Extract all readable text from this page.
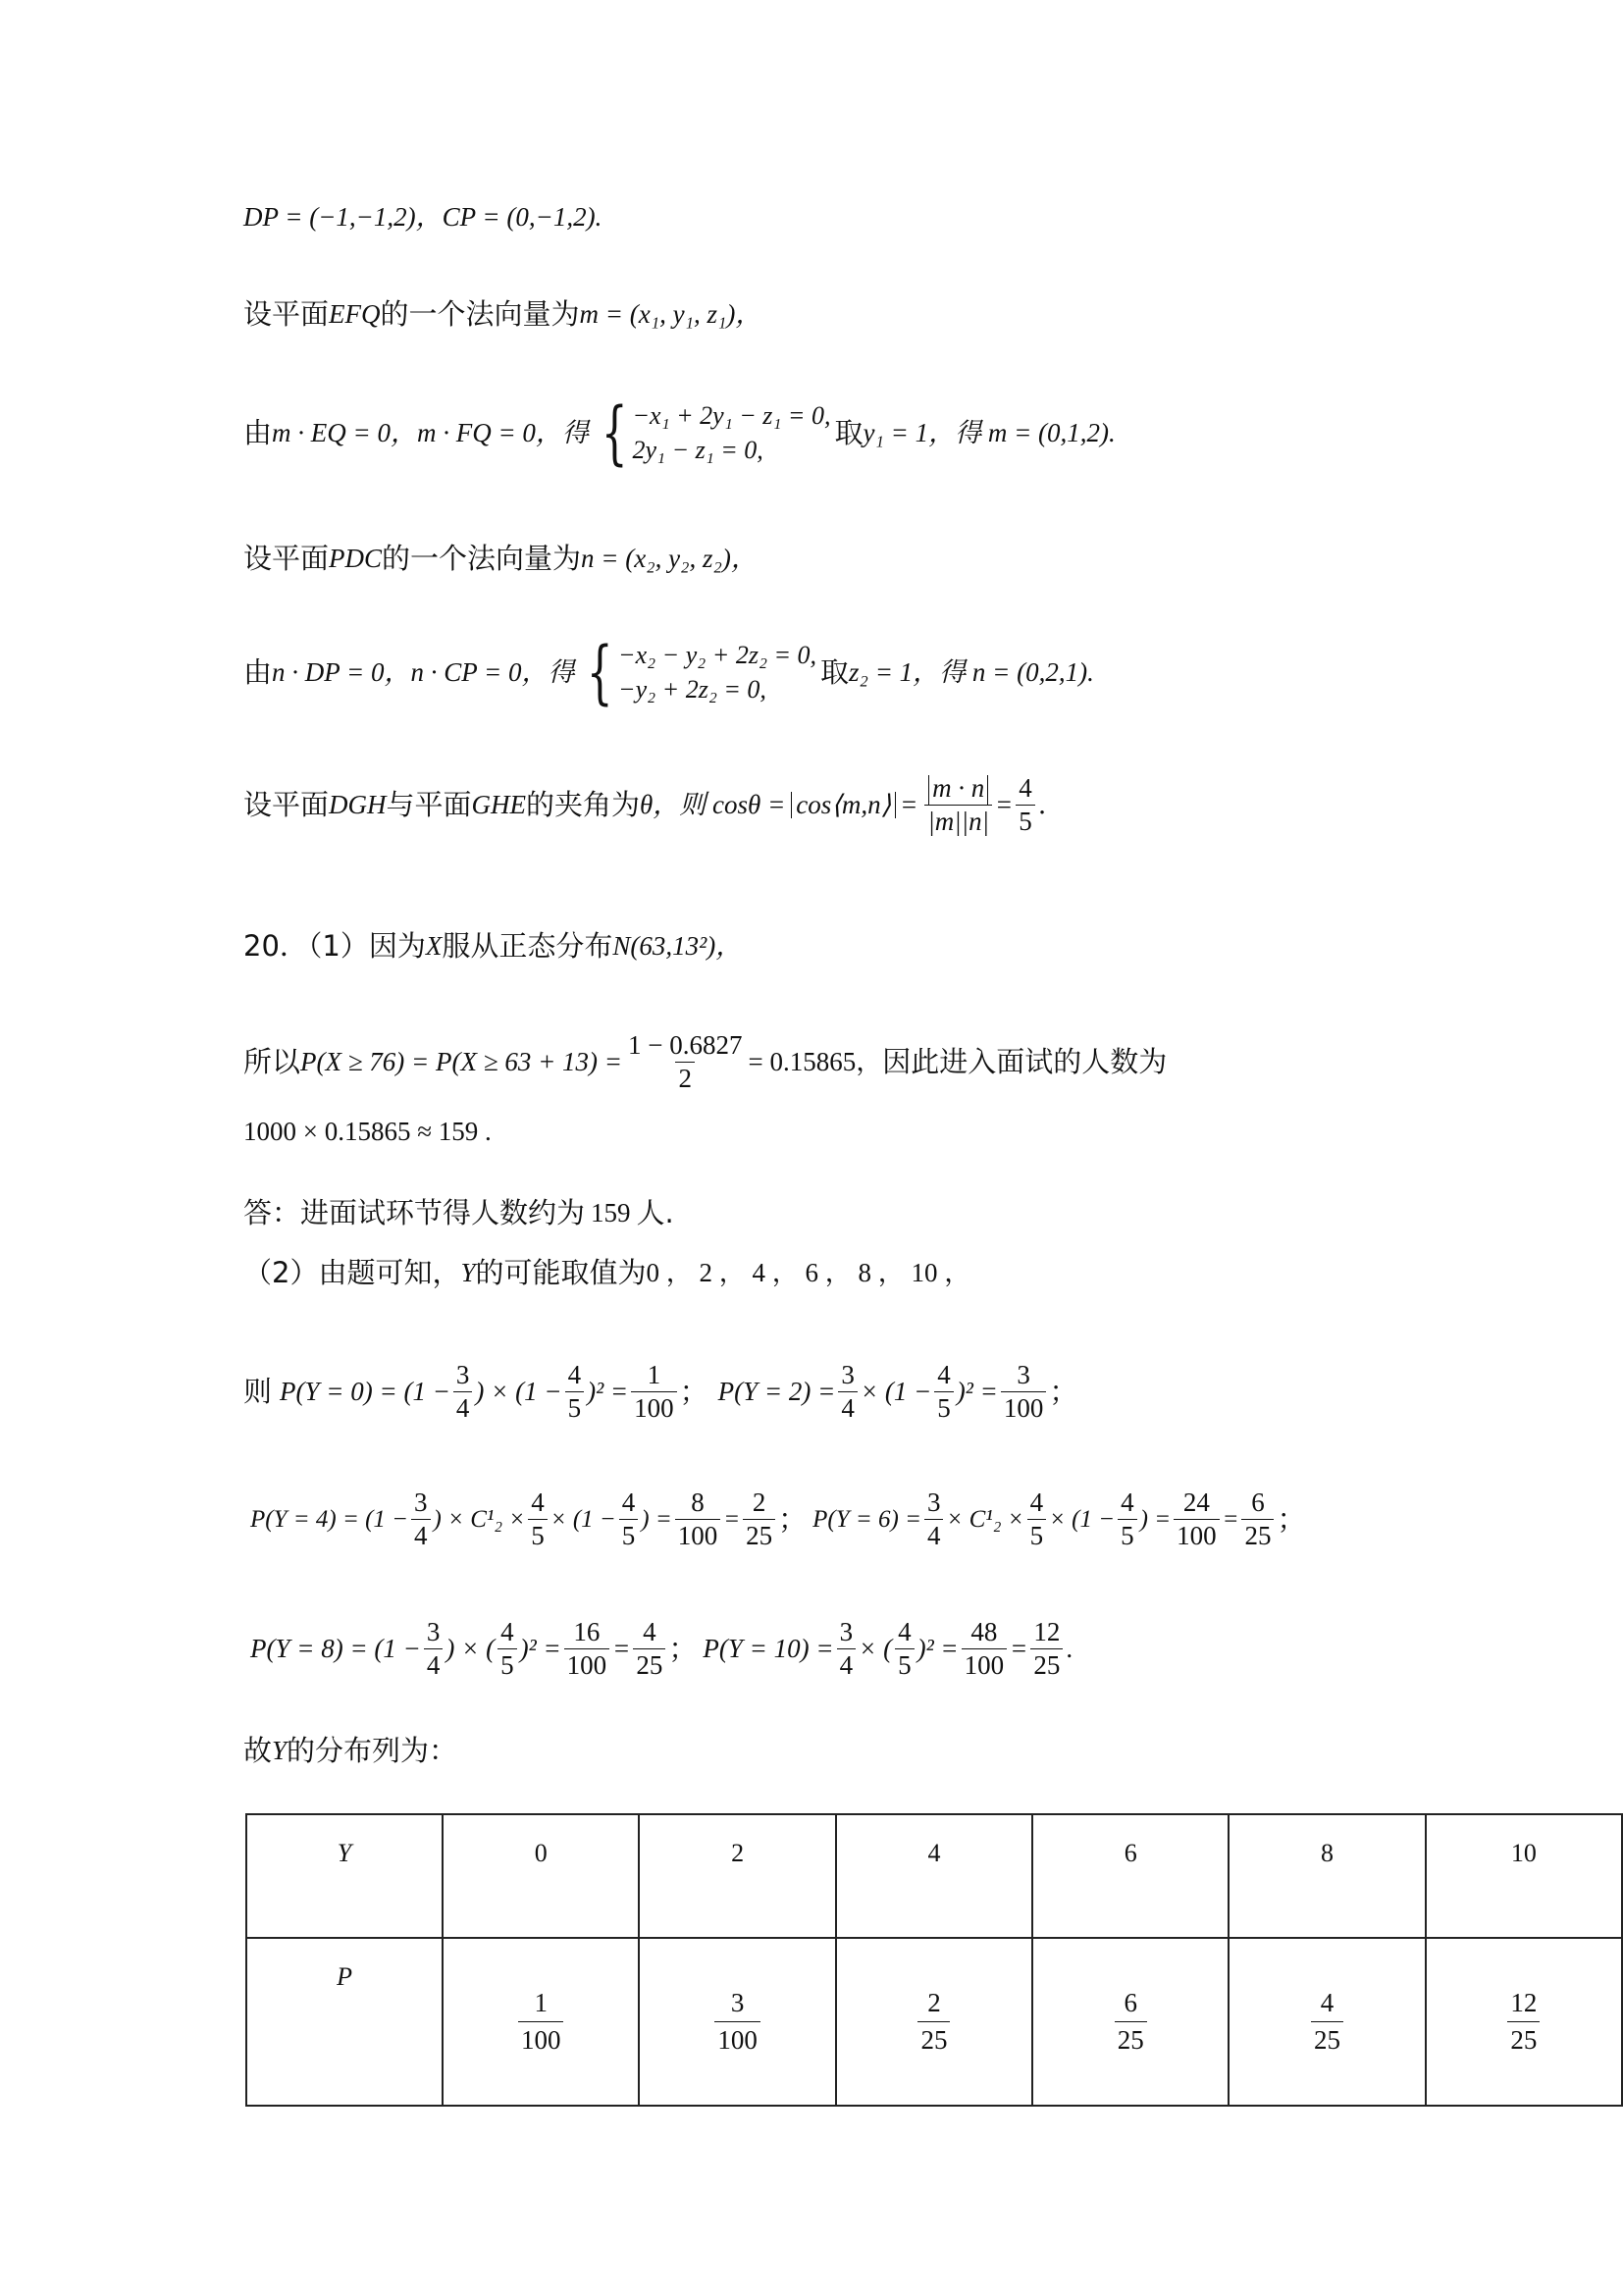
DP = (−1,−1,2)，CP = (0,−1,2).
设平面 EFQ 的一个法向量为 m = (x₁, y₁, z₁)，
由 m · EQ = 0，m · FQ = 0，得 { −x₁ + 2y₁ − z₁ = 0,
2y₁ − z₁ = 0,
取 y₁ = 1，得 m = (0,1,2).
设平面 PDC 的一个法向量为 n = (x₂, y₂, z₂)，
由 n · DP = 0，n · CP = 0，得 { −x₂ − y₂ + 2z₂ = 0,
−y₂ + 2z₂ = 0,
取 z₂ = 1，得 n = (0,2,1).
设平面 DGH 与平面 GHE 的夹角为 θ，则 cosθ = cos⟨m,n⟩ = $\frac{m \cdot n}{|m||n|} = \frac{4}{5}$ .
20．（1）因为 X 服从正态分布 N(63,13²)，
所以 $P(X \ge 76) = P(X \ge 63 + 13) = \frac{1 - 0.6827}{2} = 0.15865$， 因此进入面试的人数为
1000 × 0.15865 ≈ 159 .
答：进面试环节得人数约为 159 人.
（2）由题可知， Y 的可能取值为 0 ， 2 ， 4 ， 6 ， 8 ， 10 ，
则 $P(Y = 0) = (1 - \frac{3}{4}$ ) × $(1 - \frac{4}{5} )^2 = \frac{1}{100}$ ； $P(Y = 2) = \frac{3}{4} \times (1 - \frac{4}{5} )^2 = \frac{3}{100}$ ；
$P(Y = 4) = (1 - \frac{3}{4}$ ) × $C^1_2 \times \frac{4}{5} \times (1 - \frac{4}{5}$ ) = $\frac{8}{100} = \frac{2}{25}$ ； $P(Y = 6) = \frac{3}{4} \times C^1_2 \times \frac{4}{5} \times (1 - \frac{4}{5}$ ) = $\frac{24}{100} = \frac{6}{25}$ ；
$P(Y = 8) = (1 - \frac{3}{4}$ ) × ( $\frac{4}{5} )^2 = \frac{16}{100} = \frac{4}{25}$ ； $P(Y = 10) = \frac{3}{4}$ × ( $\frac{4}{5} )^2 = \frac{48}{100} = \frac{12}{25}$ .
故 Y 的分布列为：
Y	0	2	4	6	8	10
P	$\frac{1}{100}$	$\frac{3}{100}$	$\frac{2}{25}$	$\frac{6}{25}$	$\frac{4}{25}$	$\frac{12}{25}$
